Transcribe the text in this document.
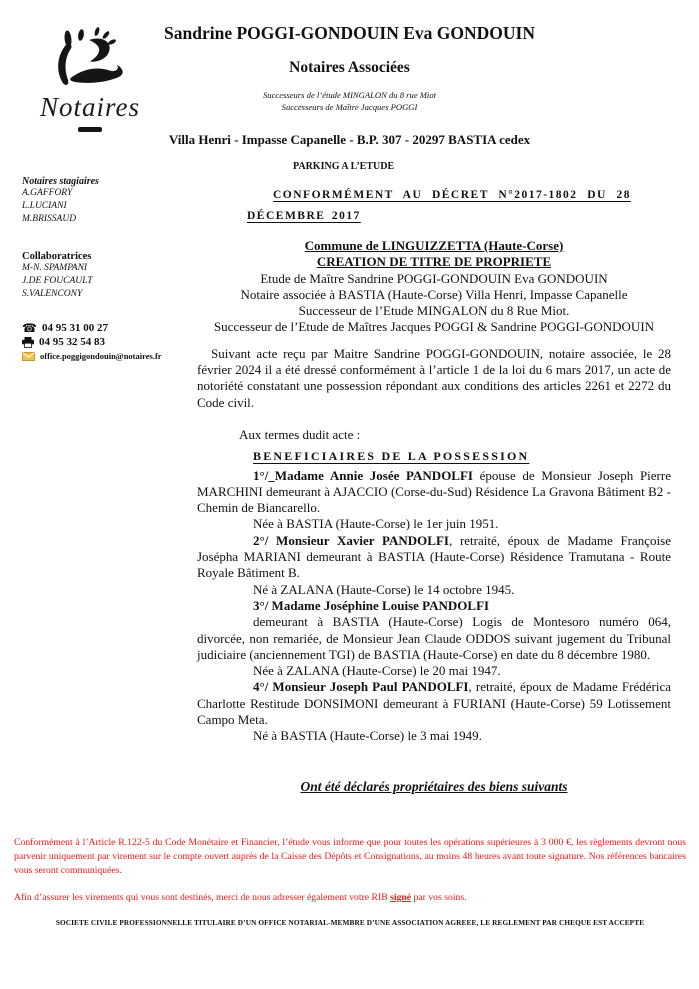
Notaires
Sandrine POGGI-GONDOUIN Eva GONDOUIN
Notaires Associées
Successeurs de l’étude MINGALON du 8 rue Miot
Successeurs de Maître Jacques POGGI
Villa Henri - Impasse Capanelle - B.P. 307 - 20297 BASTIA cedex
PARKING A L’ETUDE
CONFORMÉMENT AU DÉCRET N°2017-1802 DU 28 DÉCEMBRE 2017
Notaires stagiaires
A.GAFFORY
L.LUCIANI
M.BRISSAUD
Collaboratrices
M-N. SPAMPANI
J.DE FOUCAULT
S.VALENCONY
☎ 04 95 31 00 27
04 95 32 54 83
office.poggigondouin@notaires.fr
Commune de LINGUIZZETTA (Haute-Corse)
CREATION DE TITRE DE PROPRIETE
Etude de Maître Sandrine POGGI-GONDOUIN Eva GONDOUIN
Notaire associée à BASTIA (Haute-Corse) Villa Henri, Impasse Capanelle
Successeur de l’Etude MINGALON du 8 Rue Miot.
Successeur de l’Etude de Maîtres Jacques POGGI & Sandrine POGGI-GONDOUIN

Suivant acte reçu par Maitre Sandrine POGGI-GONDOUIN, notaire associée, le 28 février 2024 il a été dressé conformément à l’article 1 de la loi du 6 mars 2017, un acte de notoriété constatant une possession répondant aux conditions des articles 2261 et 2272 du Code civil.

Aux termes dudit acte :

BENEFICIAIRES DE LA POSSESSION

1°/_Madame Annie Josée PANDOLFI épouse de Monsieur Joseph Pierre MARCHINI demeurant à AJACCIO (Corse-du-Sud) Résidence La Gravona Bâtiment B2 - Chemin de Biancarello.

Née à BASTIA (Haute-Corse) le 1er juin 1951.

2°/ Monsieur Xavier PANDOLFI, retraité, époux de Madame Françoise Josépha MARIANI demeurant à BASTIA (Haute-Corse) Résidence Tramutana - Route Royale Bâtiment B.

Né à ZALANA (Haute-Corse) le 14 octobre 1945.

3°/ Madame Joséphine Louise PANDOLFI

demeurant à BASTIA (Haute-Corse) Logis de Montesoro numéro 064, divorcée, non remariée, de Monsieur Jean Claude ODDOS suivant jugement du Tribunal judiciaire (anciennement TGI) de BASTIA (Haute-Corse) en date du 8 décembre 1980.

Née à ZALANA (Haute-Corse) le 20 mai 1947.

4°/ Monsieur Joseph Paul PANDOLFI, retraité, époux de Madame Frédérica Charlotte Restitude DONSIMONI demeurant à FURIANI (Haute-Corse) 59 Lotissement Campo Meta.

Né à BASTIA (Haute-Corse) le 3 mai 1949.

Ont été déclarés propriétaires des biens suivants

Conformément à l’Article R.122-5 du Code Monétaire et Financier, l’étude vous informe que pour toutes les opérations supérieures à 3 000 €, les règlements devront nous parvenir uniquement par virement sur le compte ouvert auprès de la Caisse des Dépôts et Consignations, au moins 48 heures avant toute signature. Nos références bancaires vous seront communiquées.

Afin d’assurer les virements qui vous sont destinés, merci de nous adresser également votre RIB signé par vos soins.

SOCIETE CIVILE PROFESSIONNELLE TITULAIRE D’UN OFFICE NOTARIAL-MEMBRE D’UNE ASSOCIATION AGREEE, LE REGLEMENT PAR CHEQUE EST ACCEPTE
